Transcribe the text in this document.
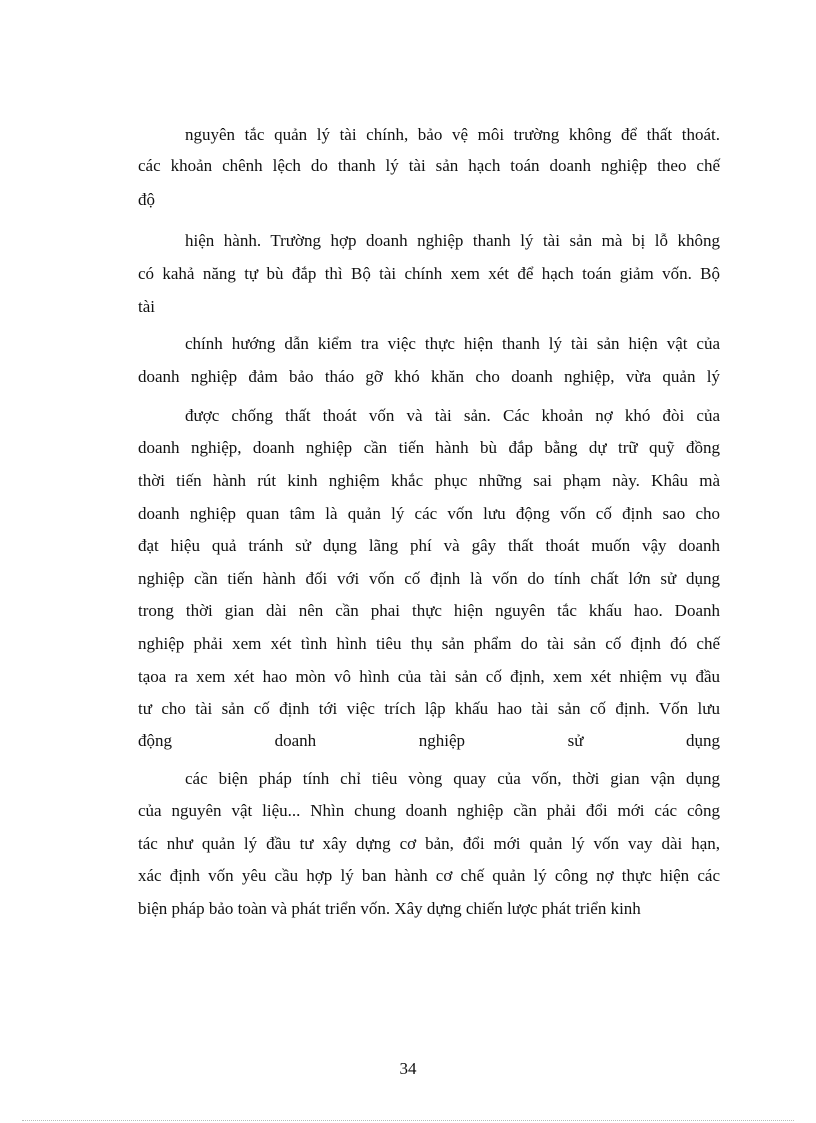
nguyên tắc quản lý tài chính, bảo vệ môi trường không để thất thoát.
các khoản chênh lệch do thanh lý tài sản hạch toán doanh nghiệp theo chế
độ
hiện hành. Trường hợp doanh nghiệp thanh lý tài sản mà bị lỗ không
có kahả năng tự bù đắp thì Bộ tài chính xem xét để hạch toán giảm vốn. Bộ
tài
chính hướng dẫn kiểm tra việc thực hiện thanh lý tài sản hiện vật của
doanh nghiệp đảm bảo tháo gỡ khó khăn cho doanh nghiệp, vừa quản lý
được chống thất thoát vốn và tài sản. Các khoản nợ khó đòi của
doanh nghiệp, doanh nghiệp cần tiến hành bù đắp bằng dự trữ quỹ đồng
thời tiến hành rút kinh nghiệm khắc phục những sai phạm này. Khâu mà
doanh nghiệp quan tâm là quản lý các vốn lưu động vốn cố định sao cho
đạt hiệu quả tránh sử dụng lãng phí và gây thất thoát muốn vậy doanh
nghiệp cần tiến hành đối với vốn cố định là vốn do tính chất lớn sử dụng
trong thời gian dài nên cần phai thực hiện nguyên tắc khấu hao. Doanh
nghiệp phải xem xét tình hình tiêu thụ sản phẩm do tài sản cố định đó chế
tạoa ra xem xét hao mòn vô hình của tài sản cố định, xem xét nhiệm vụ đầu
tư cho tài sản cố định tới việc trích lập khấu hao tài sản cố định. Vốn lưu
động doanh nghiệp sử dụng
các biện pháp tính chỉ tiêu vòng quay của vốn, thời gian vận dụng
của nguyên vật liệu... Nhìn chung doanh nghiệp cần phải đổi mới các công
tác như quản lý đầu tư xây dựng cơ bản, đổi mới quản lý vốn vay dài hạn,
xác định vốn yêu cầu hợp lý ban hành cơ chế quản lý công nợ thực hiện các
biện pháp bảo toàn và phát triển vốn. Xây dựng chiến lược phát triển kinh
34
